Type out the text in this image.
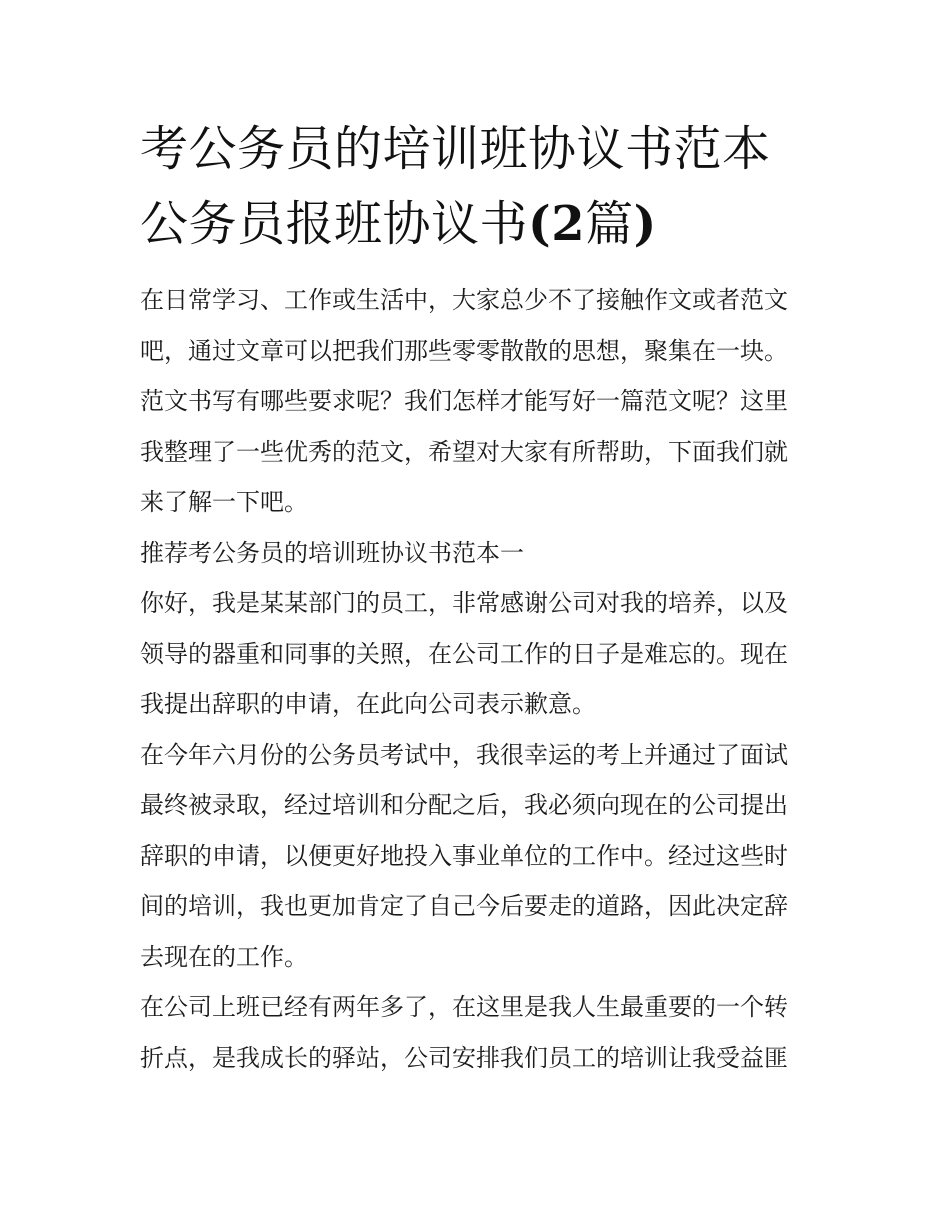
考公务员的培训班协议书范本
公务员报班协议书(2篇)

在日常学习、工作或生活中，大家总少不了接触作文或者范文
吧，通过文章可以把我们那些零零散散的思想，聚集在一块。
范文书写有哪些要求呢？我们怎样才能写好一篇范文呢？这里
我整理了一些优秀的范文，希望对大家有所帮助，下面我们就
来了解一下吧。

推荐考公务员的培训班协议书范本一

你好，我是某某部门的员工，非常感谢公司对我的培养，以及
领导的器重和同事的关照，在公司工作的日子是难忘的。现在
我提出辞职的申请，在此向公司表示歉意。

在今年六月份的公务员考试中，我很幸运的考上并通过了面试
最终被录取，经过培训和分配之后，我必须向现在的公司提出
辞职的申请，以便更好地投入事业单位的工作中。经过这些时
间的培训，我也更加肯定了自己今后要走的道路，因此决定辞
去现在的工作。

在公司上班已经有两年多了，在这里是我人生最重要的一个转
折点，是我成长的驿站，公司安排我们员工的培训让我受益匪
